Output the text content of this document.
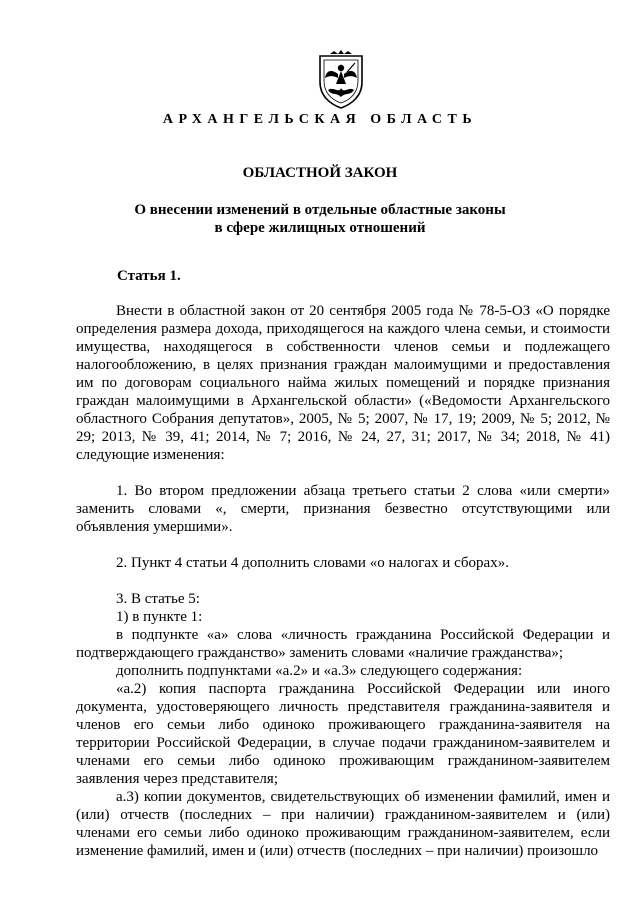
АРХАНГЕЛЬСКАЯ ОБЛАСТЬ
ОБЛАСТНОЙ ЗАКОН
О внесении изменений в отдельные областные законы
в сфере жилищных отношений
Статья 1.

Внести в областной закон от 20 сентября 2005 года № 78-5-ОЗ «О порядке определения размера дохода, приходящегося на каждого члена семьи, и стоимости имущества, находящегося в собственности членов семьи и подлежащего налогообложению, в целях признания граждан малоимущими и предоставления им по договорам социального найма жилых помещений и порядке признания граждан малоимущими в Архангельской области» («Ведомости Архангельского областного Собрания депутатов», 2005, № 5; 2007, № 17, 19; 2009, № 5; 2012, № 29; 2013, № 39, 41; 2014, № 7; 2016, № 24, 27, 31; 2017, № 34; 2018, № 41) следующие изменения:

1. Во втором предложении абзаца третьего статьи 2 слова «или смерти» заменить словами «, смерти, признания безвестно отсутствующими или объявления умершими».

2. Пункт 4 статьи 4 дополнить словами «о налогах и сборах».

3. В статье 5:

1) в пункте 1:

в подпункте «а» слова «личность гражданина Российской Федерации и подтверждающего гражданство» заменить словами «наличие гражданства»;

дополнить подпунктами «а.2» и «а.3» следующего содержания:

«а.2) копия паспорта гражданина Российской Федерации или иного документа, удостоверяющего личность представителя гражданина-заявителя и членов его семьи либо одиноко проживающего гражданина-заявителя на территории Российской Федерации, в случае подачи гражданином-заявителем и членами его семьи либо одиноко проживающим гражданином-заявителем заявления через представителя;

а.3) копии документов, свидетельствующих об изменении фамилий, имен и (или) отчеств (последних – при наличии) гражданином-заявителем и (или) членами его семьи либо одиноко проживающим гражданином-заявителем, если изменение фамилий, имен и (или) отчеств (последних – при наличии) произошло
